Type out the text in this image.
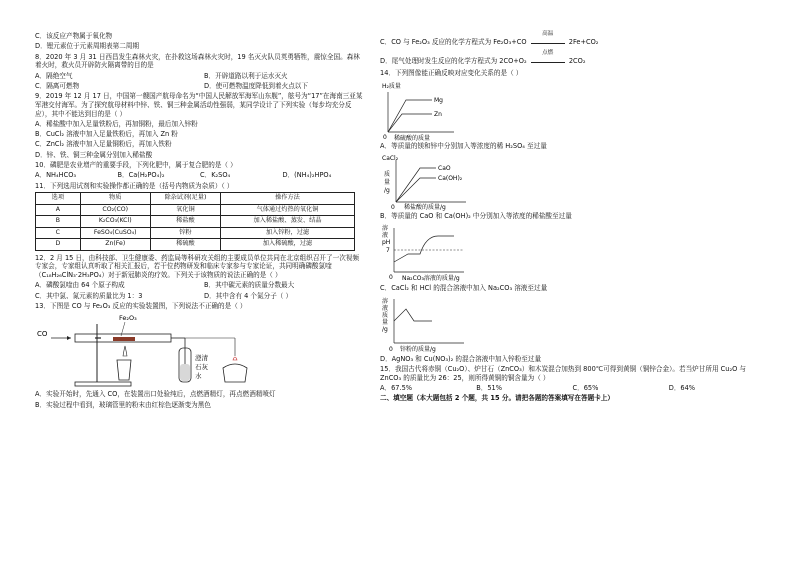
C．该反应产物属于氧化物

D．锂元素位于元素周期表第二周期

8．2020 年 3 月 31 日西昌发生森林火灾，在扑救这场森林火灾时，19 名灭火队员英勇牺牲，震惊全国。森林着火时，救火员开辟防火隔离带的目的是

A．隔绝空气	B．开辟道路以利于运水灭火
C．隔离可燃物	D．使可燃物温度降低到着火点以下

9．2019 年 12 月 17 日，中国第一艘国产航母命名为“中国人民解放军海军山东舰”，舷号为“17”在海南三亚某军港交付海军。为了探究航母材料中锌、铁、铜三种金属活动性强弱，某同学设计了下列实验（每步均充分反应），其中不能达到目的是（ ）

A．稀盐酸中加入足量铁粉后，再加铜粉，最后加入锌粉

B．CuCl₂ 溶液中加入足量铁粉后，再加入 Zn 粉

C．ZnCl₂ 溶液中加入足量铜粉后，再加入铁粉

D．锌、铁、铜三种金属分别加入稀盐酸

10．磷肥是农业增产的重要手段，下列化肥中，属于复合肥的是（ ）

A．NH₄HCO₃	B．Ca(H₂PO₄)₂	C．K₂SO₄	D．(NH₄)₂HPO₄

11．下列选用试剂和实验操作都正确的是（括号内物质为杂质）（ ）

选项	物质	除杂试剂(足量)	操作方法
A	CO₂(CO)	氧化铜	气体通过灼热的氧化铜
B	K₂CO₃(KCl)	稀盐酸	加入稀盐酸、蒸发、结晶
C	FeSO₄(CuSO₄)	锌粉	加入锌粉，过滤
D	Zn(Fe)	稀硫酸	加入稀硫酸，过滤

12．2 月 15 日，由科技部、卫生健康委、药监局等科研攻关组的主要成员单位共同在北京组织召开了一次视频专家会，专家组认真听取了相关汇报后，若干位药物研发和临床专家参与专家论证，共同明确磷酸氯喹（C₁₈H₂₆ClN₃·2H₃PO₄）对于新冠肺炎的疗效。下列关于该物质的说法正确的是（ ）

A．磷酸氯喹由 64 个原子构成	B．其中碳元素的质量分数最大
C．其中氯、氮元素的质量比为 1：3	D．其中含有 4 个氮分子（ ）

13．下图是 CO 与 Fe₂O₃ 反应的实验装置图，下列说法不正确的是（ ）

CO
Fe₂O₃
澄清
石灰
水

A．实验开始时，先通入 CO，在装置出口处验纯后，点燃酒精灯，再点燃酒精喷灯

B．实验过程中看到，玻璃管里的粉末由红棕色逐渐变为黑色

C．CO 与 Fe₂O₃ 反应的化学方程式为 Fe₂O₃+CO
高温
2Fe+CO₂

D．尾气处理时发生反应的化学方程式为 2CO+O₂
点燃
2CO₂

14．下列图像能正确反映对应变化关系的是（ ）

H₂质量
Mg
Zn
0 稀硫酸的质量

A．等质量的镁和锌中分别加入等浓度的稀 H₂SO₄ 至过量

CaCl₂
质
量
/g
CaO
Ca(OH)₂
0 稀盐酸的质量/g

B．等质量的 CaO 和 Ca(OH)₂ 中分别加入等浓度的稀盐酸至过量

溶
液
pH
7
0 Na₂CO₃溶液的质量/g

C．CaCl₂ 和 HCl 的混合溶液中加入 Na₂CO₃ 溶液至过量

溶
液
质
量
/g
0 锌粉的质量/g

D．AgNO₃ 和 Cu(NO₃)₂ 的混合溶液中加入锌粉至过量

15．我国古代将赤铜（Cu₂O）、炉甘石（ZnCO₃）和木炭混合加热到 800℃可得到黄铜（铜锌合金）。若当炉甘所用 Cu₂O 与 ZnCO₃ 的质量比为 26：25，则所得黄铜的铜含量为（ ）

A．67.5%	B．51%	C．65%	D．64%

二、填空题（本大题包括 2 个题，共 15 分。请把各题的答案填写在答题卡上）
